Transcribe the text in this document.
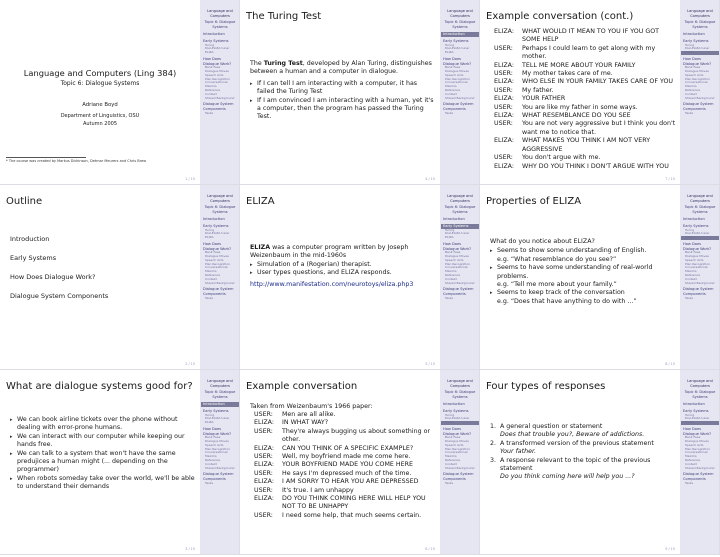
Language and Computers (Ling 384)
Topic 6: Dialogue Systems
Adriane Boyd
Department of Linguistics, OSU
Autumn 2005
* The course was created by Markus Dickinson, Detmar Meurers and Chris Brew
Language and
Computers
Topic 6: Dialogue
Systems
Introduction
Early Systems
Turing
Dial-ELIZA tuner
ELIZA
How Does Dialogue Work?
Bank Fees
Dialogue Moves
Speech Acts
Plan Recognition
Conversational Maxims
Reference
Context
Shared Background
Dialogue System Components
Tasks
1 / 15
The Turing Test

The Turing Test, developed by Alan Turing, distinguishes between a human and a computer in dialogue.

▸ If I can tell I am interacting with a computer, it has failed the Turing Test
▸ If I am convinced I am interacting with a human, yet it's a computer, then the program has passed the Turing Test.
Language and
Computers
Topic 6: Dialogue
Systems
Introduction
Early Systems
Turing
Dial-ELIZA tuner
ELIZA
How Does Dialogue Work?
Bank Fees
Dialogue Moves
Speech Acts
Plan Recognition
Conversational Maxims
Reference
Context
Shared Background
Dialogue System Components
Tasks
4 / 15
Example conversation (cont.)
ELIZA:	WHAT WOULD IT MEAN TO YOU IF YOU GOT SOME HELP
USER:	Perhaps I could learn to get along with my mother.
ELIZA:	TELL ME MORE ABOUT YOUR FAMILY
USER:	My mother takes care of me.
ELIZA:	WHO ELSE IN YOUR FAMILY TAKES CARE OF YOU
USER:	My father.
ELIZA:	YOUR FATHER
USER:	You are like my father in some ways.
ELIZA:	WHAT RESEMBLANCE DO YOU SEE
USER:	You are not very aggressive but I think you don't want me to notice that.
ELIZA:	WHAT MAKES YOU THINK I AM NOT VERY AGGRESSIVE
USER:	You don't argue with me.
ELIZA:	WHY DO YOU THINK I DON'T ARGUE WITH YOU
Language and
Computers
Topic 6: Dialogue
Systems
Introduction
Early Systems
Turing
Dial-ELIZA tuner
ELIZA
How Does Dialogue Work?
Bank Fees
Dialogue Moves
Speech Acts
Plan Recognition
Conversational Maxims
Reference
Context
Shared Background
Dialogue System Components
Tasks
7 / 15
Outline
Introduction
Early Systems
How Does Dialogue Work?
Dialogue System Components
Language and
Computers
Topic 6: Dialogue
Systems
Introduction
Early Systems
Turing
Dial-ELIZA tuner
ELIZA
How Does Dialogue Work?
Bank Fees
Dialogue Moves
Speech Acts
Plan Recognition
Conversational Maxims
Reference
Context
Shared Background
Dialogue System Components
Tasks
2 / 15
ELIZA

ELIZA was a computer program written by Joseph Weizenbaum in the mid-1960s

▸ Simulation of a (Rogerian) therapist.
▸ User types questions, and ELIZA responds.
http://www.manifestation.com/neurotoys/eliza.php3
Language and
Computers
Topic 6: Dialogue
Systems
Introduction
Early Systems
Turing
Dial-ELIZA tuner
ELIZA
How Does Dialogue Work?
Bank Fees
Dialogue Moves
Speech Acts
Plan Recognition
Conversational Maxims
Reference
Context
Shared Background
Dialogue System Components
Tasks
5 / 15
Properties of ELIZA

What do you notice about ELIZA?

▸ Seems to show some understanding of English.
e.g. “What resemblance do you see?”
▸ Seems to have some understanding of real-world problems.
e.g. “Tell me more about your family.”
▸ Seems to keep track of the conversation
e.g. “Does that have anything to do with ...”
Language and
Computers
Topic 6: Dialogue
Systems
Introduction
Early Systems
Turing
Dial-ELIZA tuner
ELIZA
How Does Dialogue Work?
Bank Fees
Dialogue Moves
Speech Acts
Plan Recognition
Conversational Maxims
Reference
Context
Shared Background
Dialogue System Components
Tasks
8 / 15
What are dialogue systems good for?
▸ We can book airline tickets over the phone without dealing with error-prone humans.
▸ We can interact with our computer while keeping our hands free.
▸ We can talk to a system that won't have the same predujices a human might (... depending on the programmer)
▸ When robots someday take over the world, we'll be able to understand their demands
Language and
Computers
Topic 6: Dialogue
Systems
Introduction
Early Systems
Turing
Dial-ELIZA tuner
ELIZA
How Does Dialogue Work?
Bank Fees
Dialogue Moves
Speech Acts
Plan Recognition
Conversational Maxims
Reference
Context
Shared Background
Dialogue System Components
Tasks
3 / 15
Example conversation
Taken from Weizenbaum's 1966 paper:
USER:	Men are all alike.
ELIZA:	IN WHAT WAY?
USER:	They're always bugging us about something or other.
ELIZA:	CAN YOU THINK OF A SPECIFIC EXAMPLE?
USER:	Well, my boyfriend made me come here.
ELIZA:	YOUR BOYFRIEND MADE YOU COME HERE
USER:	He says I'm depressed much of the time.
ELIZA:	I AM SORRY TO HEAR YOU ARE DEPRESSED
USER:	It's true. I am unhappy
ELIZA:	DO YOU THINK COMING HERE WILL HELP YOU NOT TO BE UNHAPPY
USER:	I need some help, that much seems certain.
Language and
Computers
Topic 6: Dialogue
Systems
Introduction
Early Systems
Turing
Dial-ELIZA tuner
ELIZA
How Does Dialogue Work?
Bank Fees
Dialogue Moves
Speech Acts
Plan Recognition
Conversational Maxims
Reference
Context
Shared Background
Dialogue System Components
Tasks
6 / 15
Four types of responses
1. A general question or statement
Does that trouble you?, Beware of addictions.
2. A transformed version of the previous statement
Your father.
3. A response relevant to the topic of the previous statement
Do you think coming here will help you ...?
Language and
Computers
Topic 6: Dialogue
Systems
Introduction
Early Systems
Turing
Dial-ELIZA tuner
ELIZA
How Does Dialogue Work?
Bank Fees
Dialogue Moves
Speech Acts
Plan Recognition
Conversational Maxims
Reference
Context
Shared Background
Dialogue System Components
Tasks
9 / 15
